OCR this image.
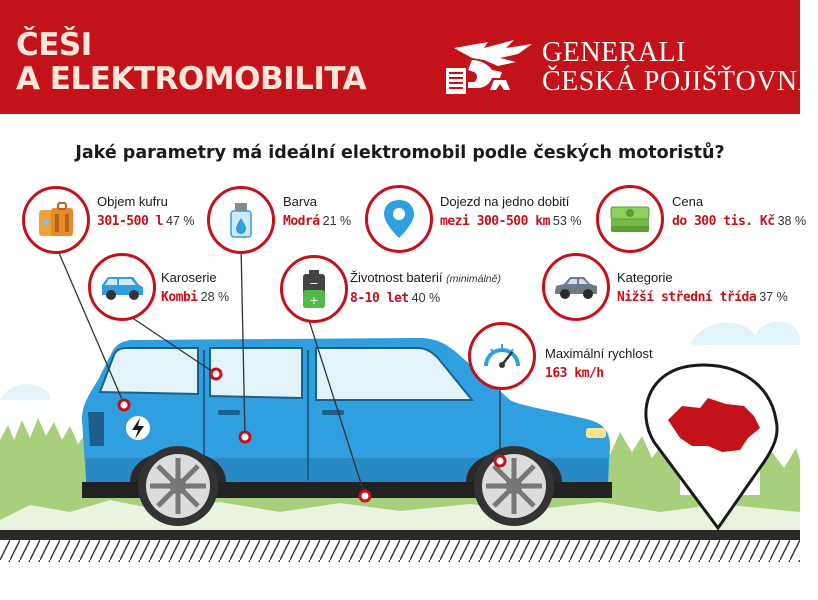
ČEŠI
A ELEKTROMOBILITA
GENERALI
ČESKÁ POJIŠŤOVNA
Jaké parametry má ideální elektromobil podle českých motoristů?
Objem kufru
301-500 l 47 %
Barva
Modrá 21 %
Dojezd na jedno dobití
mezi 300-500 km 53 %
Cena
do 300 tis. Kč 38 %
Karoserie
Kombi 28 %
−
+
Životnost baterií (minimálně)
8-10 let 40 %
Kategorie
Nižší střední třída 37 %
Maximální rychlost
163 km/h
